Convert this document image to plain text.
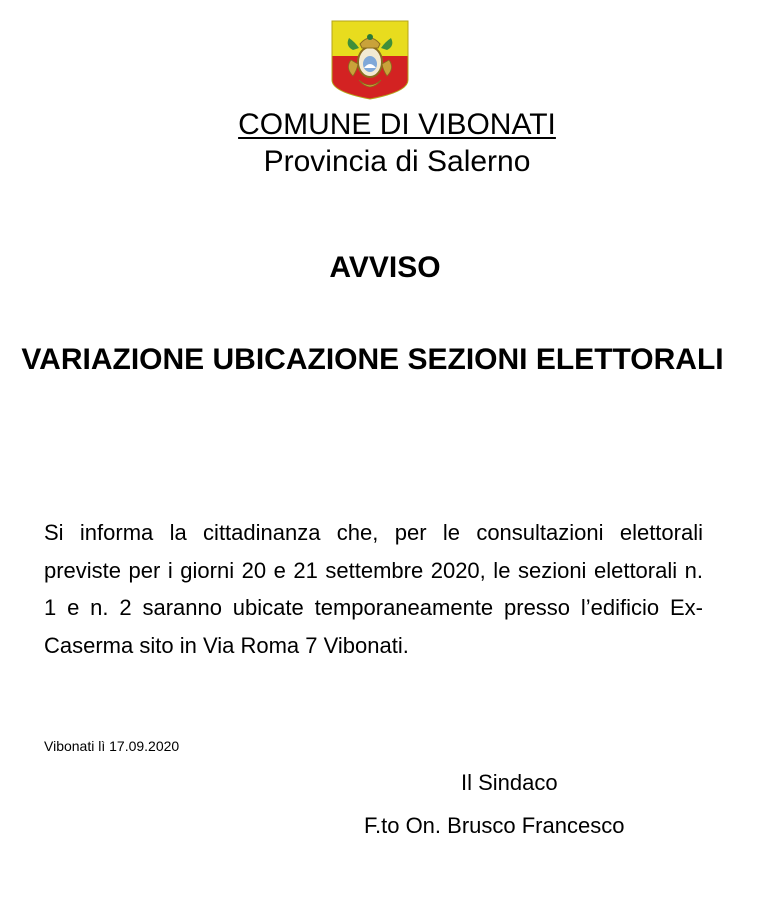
COMUNE DI VIBONATI
Provincia di Salerno
AVVISO
VARIAZIONE UBICAZIONE SEZIONI ELETTORALI
Si informa la cittadinanza che, per le consultazioni elettorali previste per i giorni 20 e 21 settembre 2020, le sezioni elettorali n. 1 e n. 2 saranno ubicate temporaneamente presso l’edificio Ex-Caserma sito in Via Roma 7 Vibonati.
Vibonati lì 17.09.2020
Il Sindaco
F.to On. Brusco Francesco
